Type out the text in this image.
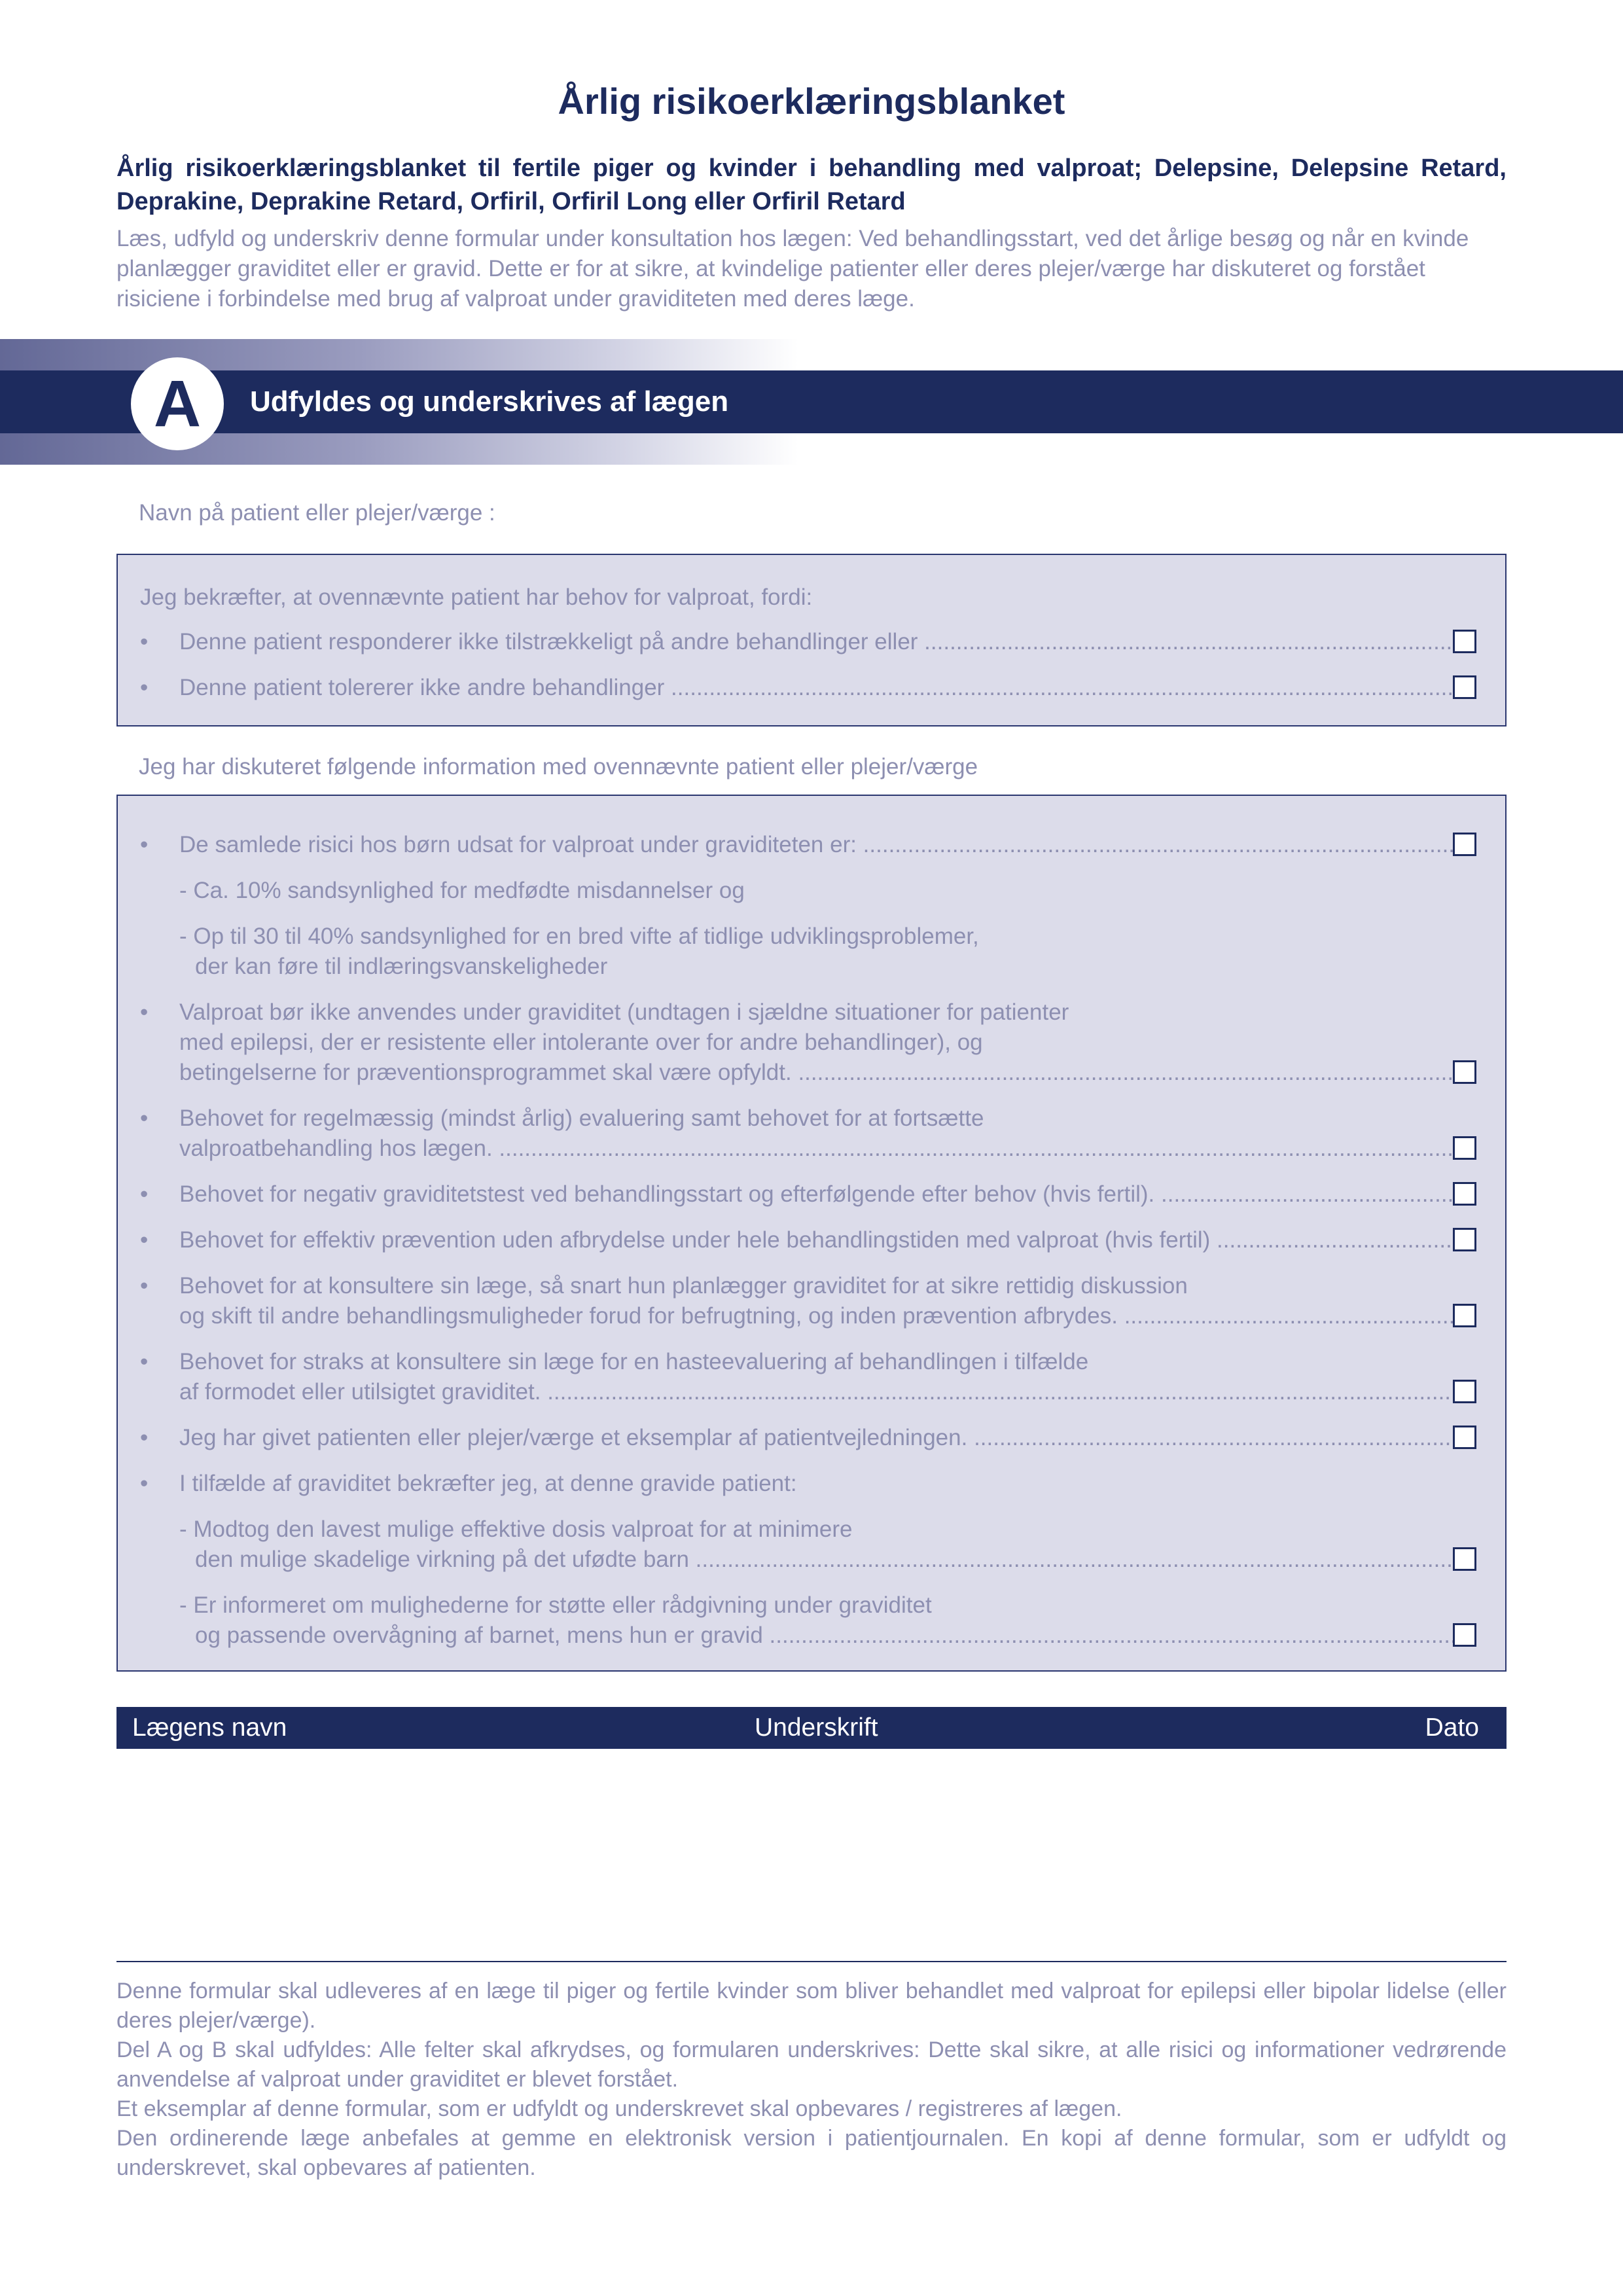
Årlig risikoerklæringsblanket
Årlig risikoerklæringsblanket til fertile piger og kvinder i behandling med valproat; Delepsine, Delepsine Retard, Deprakine, Deprakine Retard, Orfiril, Orfiril Long eller Orfiril Retard
Læs, udfyld og underskriv denne formular under konsultation hos lægen: Ved behandlingsstart, ved det årlige besøg og når en kvinde planlægger graviditet eller er gravid. Dette er for at sikre, at kvindelige patienter eller deres plejer/værge har diskuteret og forstået risiciene i forbindelse med brug af valproat under graviditeten med deres læge.
A	Udfyldes og underskrives af lægen
Navn på patient eller plejer/værge :
Jeg bekræfter, at ovennævnte patient har behov for valproat, fordi:
• Denne patient responderer ikke tilstrækkeligt på andre behandlinger eller .....
• Denne patient tolererer ikke andre behandlinger .....
Jeg har diskuteret følgende information med ovennævnte patient eller plejer/værge
• De samlede risici hos børn udsat for valproat under graviditeten er: .....
- Ca. 10% sandsynlighed for medfødte misdannelser og
- Op til 30 til 40% sandsynlighed for en bred vifte af tidlige udviklingsproblemer,
der kan føre til indlæringsvanskeligheder
• Valproat bør ikke anvendes under graviditet (undtagen i sjældne situationer for patienter
med epilepsi, der er resistente eller intolerante over for andre behandlinger), og
betingelserne for præventionsprogrammet skal være opfyldt. .....
• Behovet for regelmæssig (mindst årlig) evaluering samt behovet for at fortsætte
valproatbehandling hos lægen. .....
• Behovet for negativ graviditetstest ved behandlingsstart og efterfølgende efter behov (hvis fertil). .....
• Behovet for effektiv prævention uden afbrydelse under hele behandlingstiden med valproat (hvis fertil) .....
• Behovet for at konsultere sin læge, så snart hun planlægger graviditet for at sikre rettidig diskussion
og skift til andre behandlingsmuligheder forud for befrugtning, og inden prævention afbrydes. .....
• Behovet for straks at konsultere sin læge for en hasteevaluering af behandlingen i tilfælde
af formodet eller utilsigtet graviditet. .....
• Jeg har givet patienten eller plejer/værge et eksemplar af patientvejledningen. .....
• I tilfælde af graviditet bekræfter jeg, at denne gravide patient:
- Modtog den lavest mulige effektive dosis valproat for at minimere
den mulige skadelige virkning på det ufødte barn .....
- Er informeret om mulighederne for støtte eller rådgivning under graviditet
og passende overvågning af barnet, mens hun er gravid .....
Lægens navn	Underskrift	Dato

Denne formular skal udleveres af en læge til piger og fertile kvinder som bliver behandlet med valproat for epilepsi eller bipolar lidelse (eller deres plejer/værge).

Del A og B skal udfyldes: Alle felter skal afkrydses, og formularen underskrives: Dette skal sikre, at alle risici og informationer vedrørende anvendelse af valproat under graviditet er blevet forstået.

Et eksemplar af denne formular, som er udfyldt og underskrevet skal opbevares / registreres af lægen.

Den ordinerende læge anbefales at gemme en elektronisk version i patientjournalen. En kopi af denne formular, som er udfyldt og underskrevet, skal opbevares af patienten.
